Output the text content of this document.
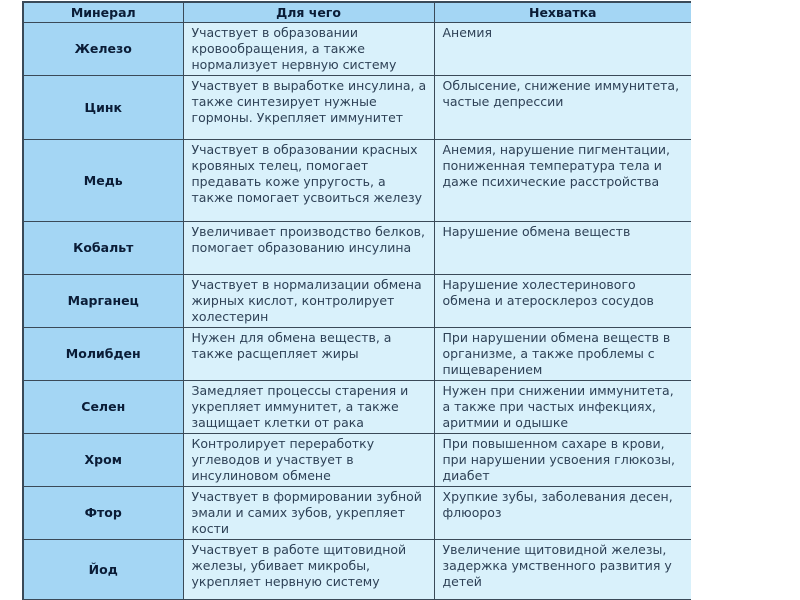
Минерал	Для чего	Нехватка
Железо	Участвует в образовании кровообращения, а также нормализует нервную систему	Анемия
Цинк	Участвует в выработке инсулина, а также синтезирует нужные гормоны. Укрепляет иммунитет	Облысение, снижение иммунитета, частые депрессии
Медь	Участвует в образовании красных кровяных телец, помогает предавать коже упругость, а также помогает усвоиться железу	Анемия, нарушение пигментации, пониженная температура тела и даже психические расстройства
Кобальт	Увеличивает производство белков, помогает образованию инсулина	Нарушение обмена веществ
Марганец	Участвует в нормализации обмена жирных кислот, контролирует холестерин	Нарушение холестеринового обмена и атеросклероз сосудов
Молибден	Нужен для обмена веществ, а также расщепляет жиры	При нарушении обмена веществ в организме, а также проблемы с пищеварением
Селен	Замедляет процессы старения и укрепляет иммунитет, а также защищает клетки от рака	Нужен при снижении иммунитета, а также при частых инфекциях, аритмии и одышке
Хром	Контролирует переработку углеводов и участвует в инсулиновом обмене	При повышенном сахаре в крови, при нарушении усвоения глюкозы, диабет
Фтор	Участвует в формировании зубной эмали и самих зубов, укрепляет кости	Хрупкие зубы, заболевания десен, флюороз
Йод	Участвует в работе щитовидной железы, убивает микробы, укрепляет нервную систему	Увеличение щитовидной железы, задержка умственного развития у детей
